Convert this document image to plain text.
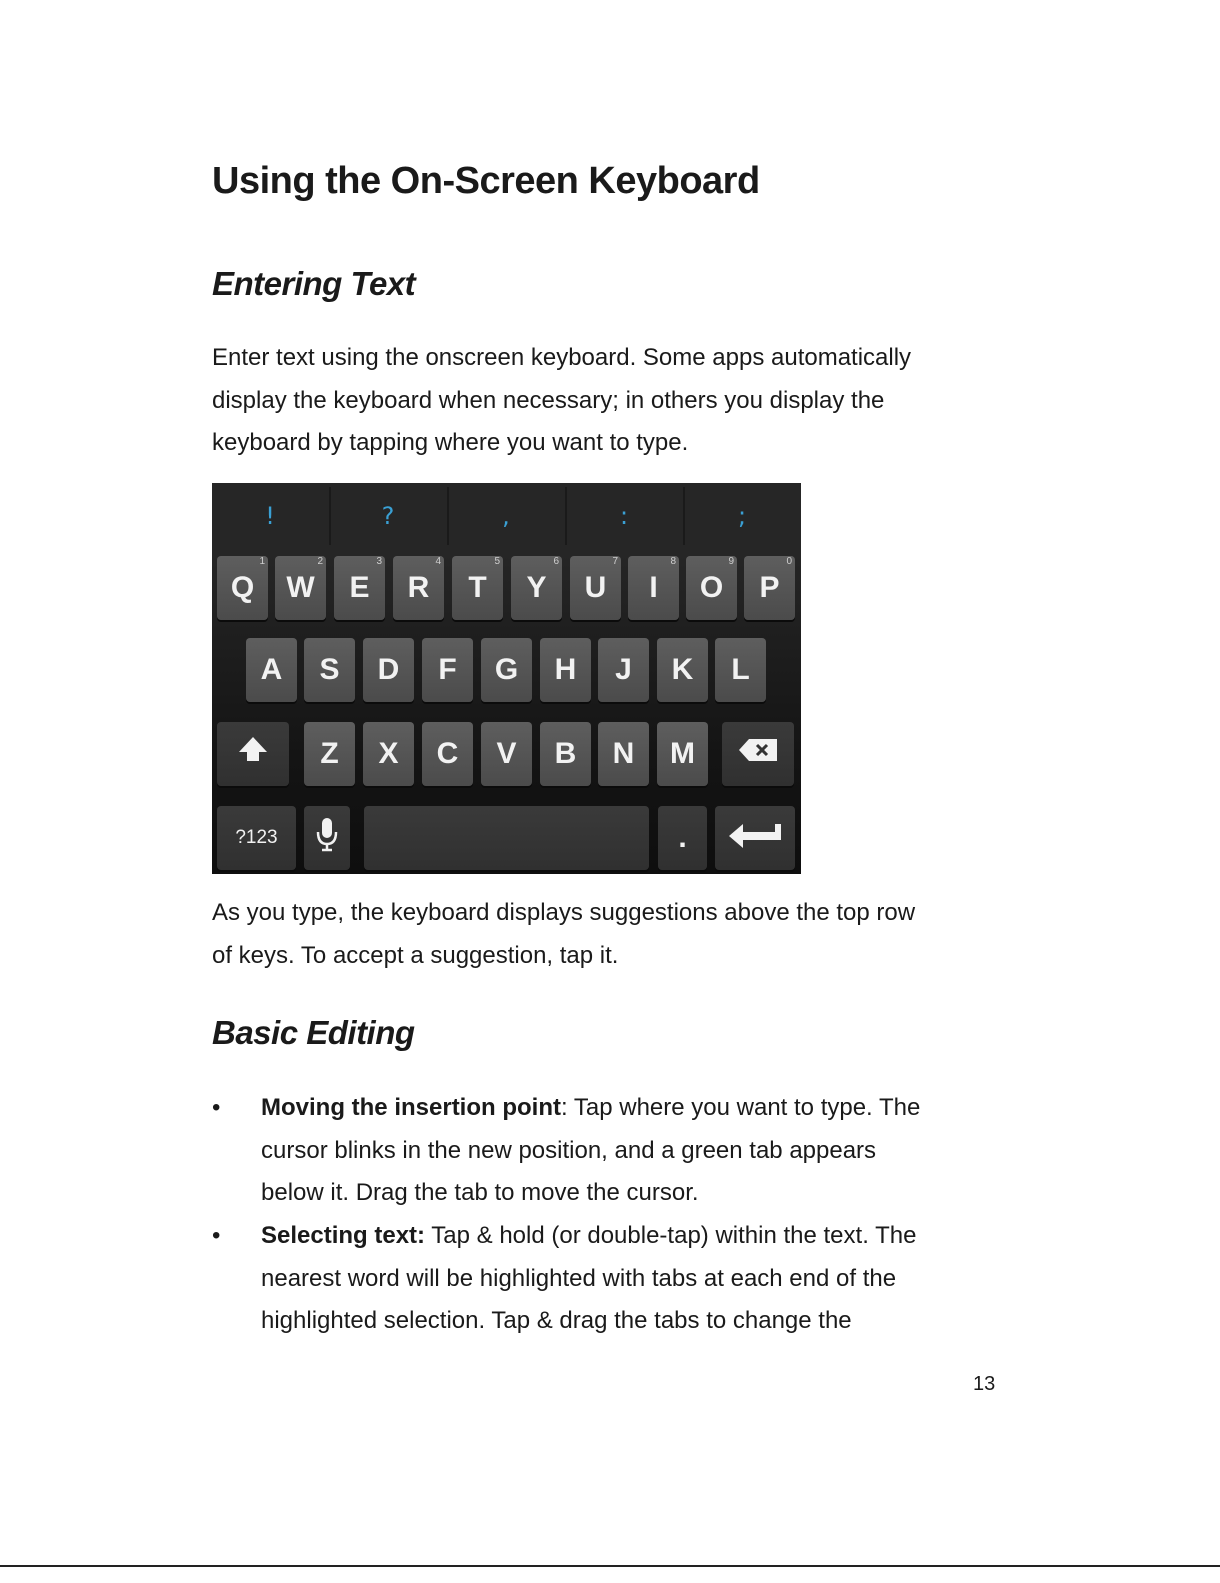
Using the On-Screen Keyboard
Entering Text

Enter text using the onscreen keyboard. Some apps automatically
display the keyboard when necessary; in others you display the
keyboard by tapping where you want to type.

!	?	,	:	;
Q
1
W
2
E
3
R
4
T
5
Y
6
U
7
I
8
O
9
P
0
A	S	D	F	G	H	J	K	L
Z	X	C	V	B	N	M
?123	.

As you type, the keyboard displays suggestions above the top row
of keys. To accept a suggestion, tap it.

Basic Editing
• Moving the insertion point: Tap where you want to type. The
cursor blinks in the new position, and a green tab appears
below it. Drag the tab to move the cursor.

• Selecting text: Tap & hold (or double-tap) within the text. The
nearest word will be highlighted with tabs at each end of the
highlighted selection. Tap & drag the tabs to change the

13
